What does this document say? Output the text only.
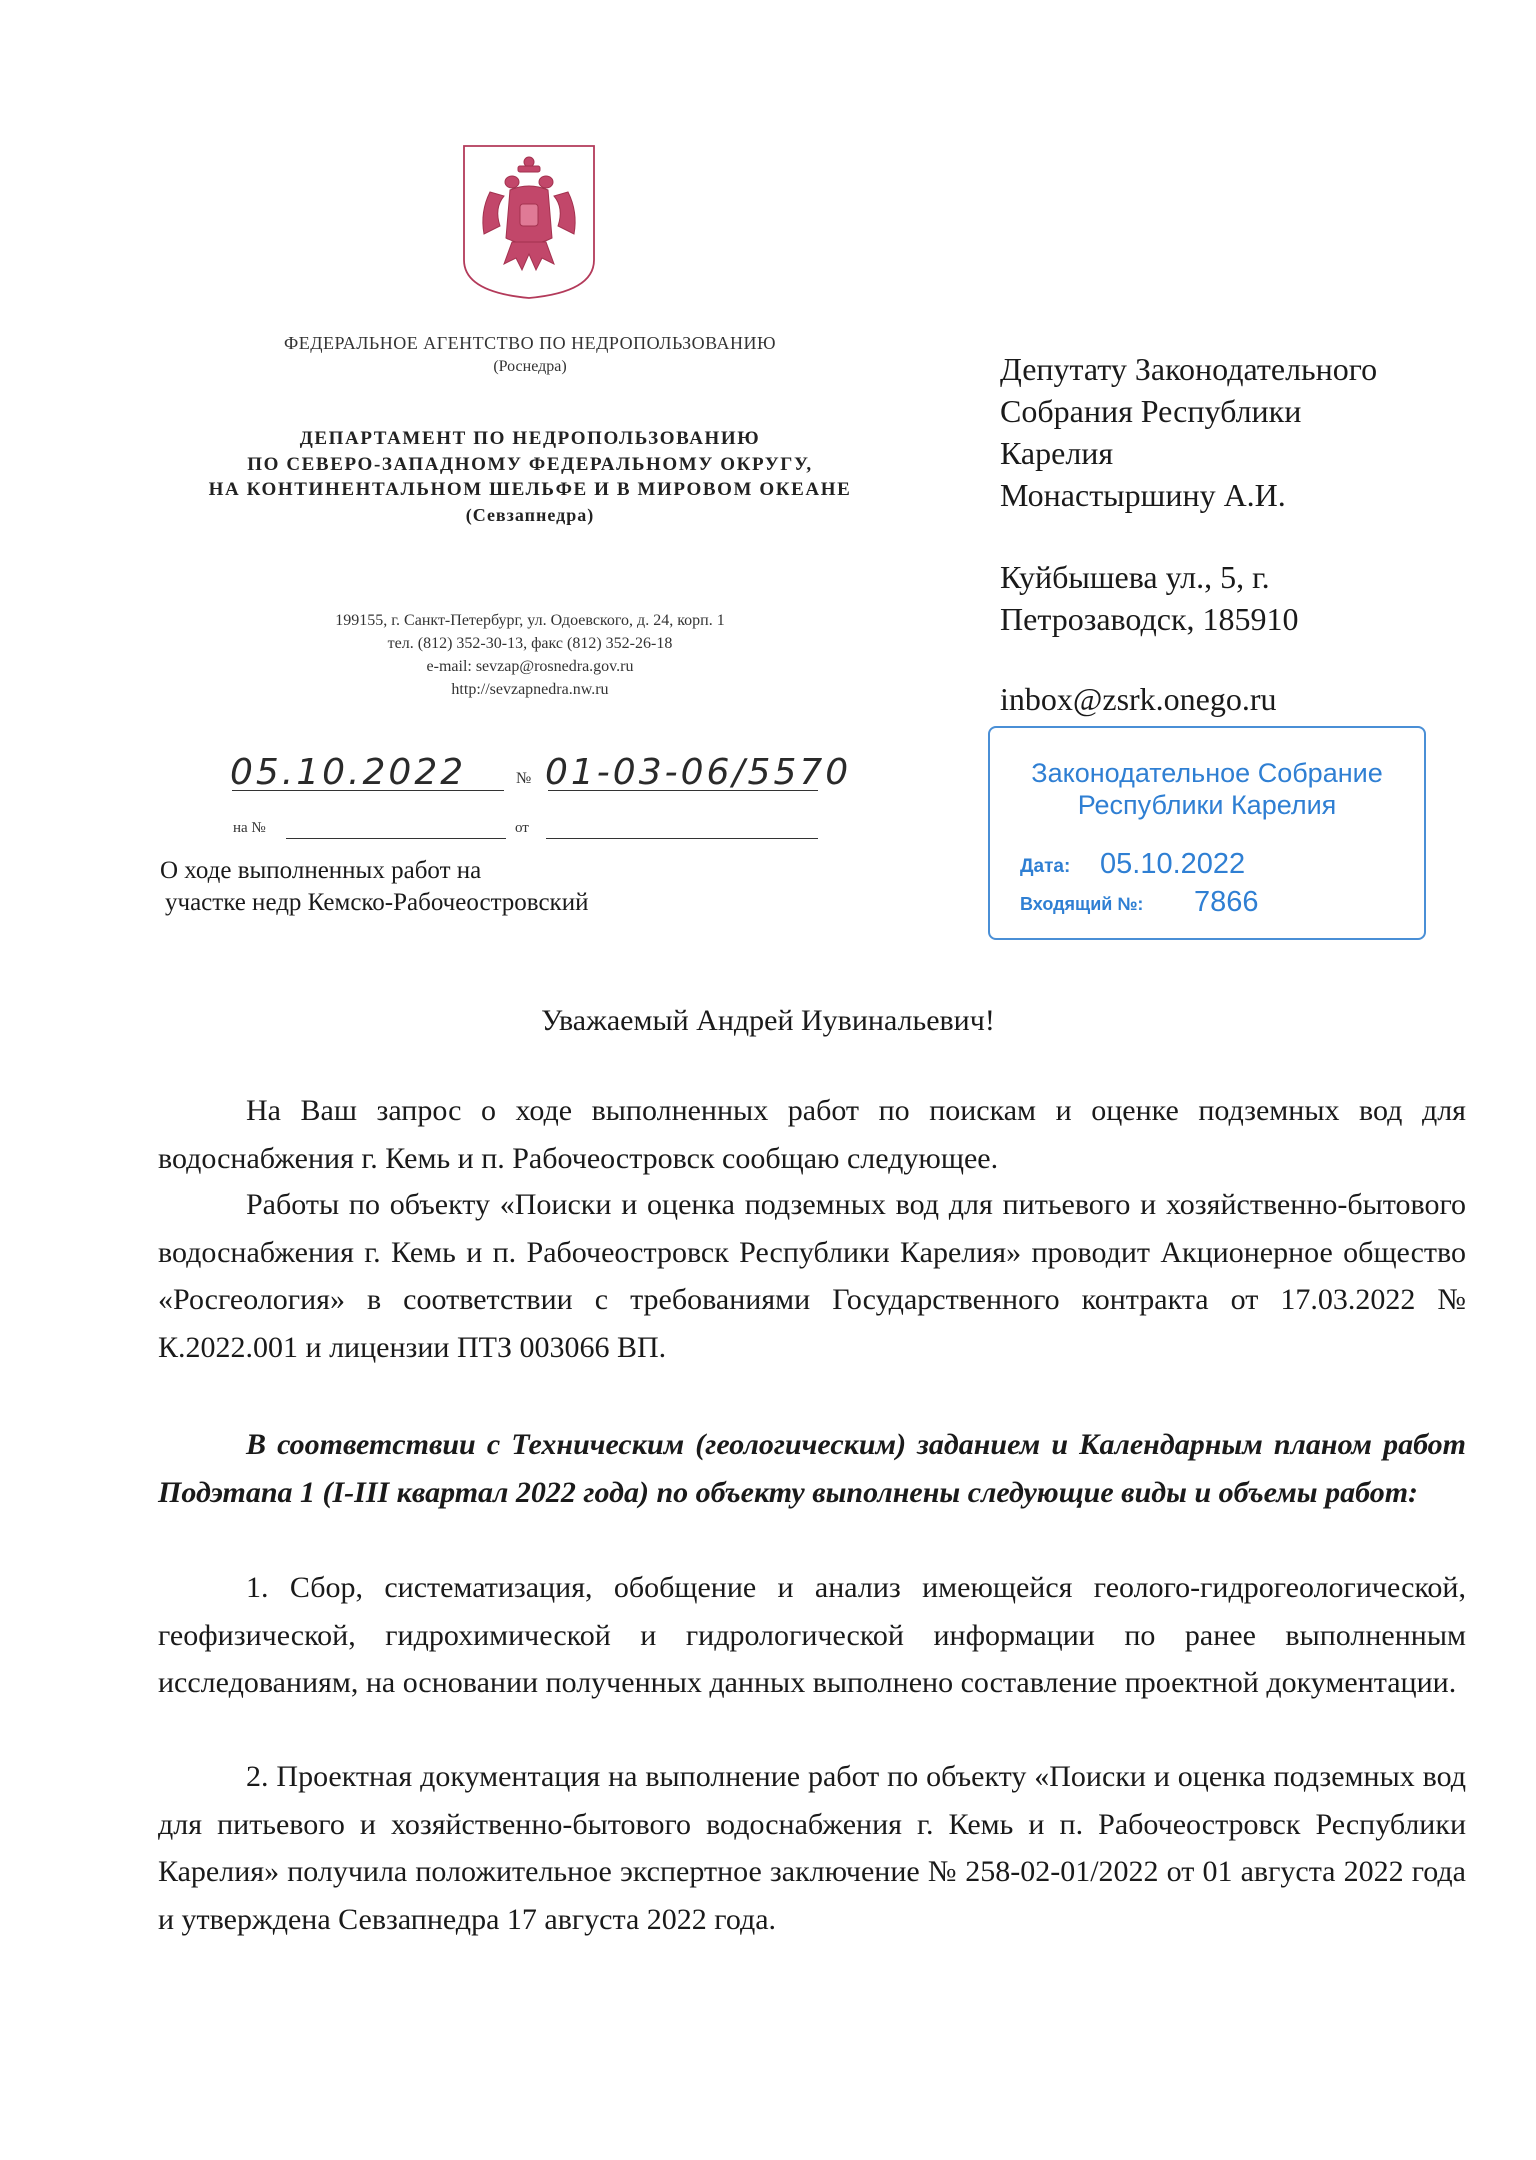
ФЕДЕРАЛЬНОЕ АГЕНТСТВО ПО НЕДРОПОЛЬЗОВАНИЮ
(Роснедра)
ДЕПАРТАМЕНТ ПО НЕДРОПОЛЬЗОВАНИЮ
ПО СЕВЕРО-ЗАПАДНОМУ ФЕДЕРАЛЬНОМУ ОКРУГУ,
НА КОНТИНЕНТАЛЬНОМ ШЕЛЬФЕ И В МИРОВОМ ОКЕАНЕ
(Севзапнедра)
199155, г. Санкт-Петербург, ул. Одоевского, д. 24, корп. 1
тел. (812) 352-30-13, факс (812) 352-26-18
e-mail: sevzap@rosnedra.gov.ru
http://sevzapnedra.nw.ru
05.10.2022	№ 01-03-06/5570
на №	от
О ходе выполненных работ на
участке недр Кемско-Рабочеостровский
Депутату Законодательного
Собрания Республики
Карелия
Монастыршину А.И.
Куйбышева ул., 5, г.
Петрозаводск, 185910
inbox@zsrk.onego.ru
Законодательное Собрание
Республики Карелия
Дата: 05.10.2022
Входящий №: 7866
Уважаемый Андрей Иувинальевич!
На Ваш запрос о ходе выполненных работ по поискам и оценке подземных вод для водоснабжения г. Кемь и п. Рабочеостровск сообщаю следующее.
Работы по объекту «Поиски и оценка подземных вод для питьевого и хозяйственно-бытового водоснабжения г. Кемь и п. Рабочеостровск Республики Карелия» проводит Акционерное общество «Росгеология» в соответствии с требованиями Государственного контракта от 17.03.2022 № К.2022.001 и лицензии ПТЗ 003066 ВП.
В соответствии с Техническим (геологическим) заданием и Календарным планом работ Подэтапа 1 (I-III квартал 2022 года) по объекту выполнены следующие виды и объемы работ:
1. Сбор, систематизация, обобщение и анализ имеющейся геолого-гидрогеологической, геофизической, гидрохимической и гидрологической информации по ранее выполненным исследованиям, на основании полученных данных выполнено составление проектной документации.
2. Проектная документация на выполнение работ по объекту «Поиски и оценка подземных вод для питьевого и хозяйственно-бытового водоснабжения г. Кемь и п. Рабочеостровск Республики Карелия» получила положительное экспертное заключение № 258-02-01/2022 от 01 августа 2022 года и утверждена Севзапнедра 17 августа 2022 года.
